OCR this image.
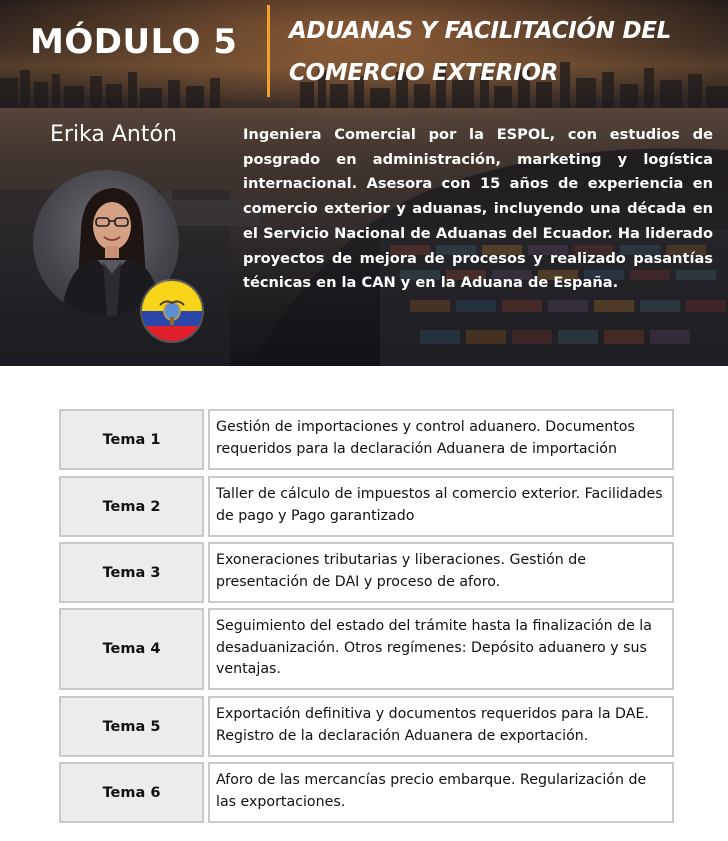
MÓDULO 5 ADUANAS Y FACILITACIÓN DEL COMERCIO EXTERIOR
Erika Antón	Ingeniera Comercial por la ESPOL, con estudios de posgrado en administración, marketing y logística internacional. Asesora con 15 años de experiencia en comercio exterior y aduanas, incluyendo una década en el Servicio Nacional de Aduanas del Ecuador. Ha liderado proyectos de mejora de procesos y realizado pasantías técnicas en la CAN y en la Aduana de España.

Tema 1

Gestión de importaciones y control aduanero. Documentos requeridos para la declaración Aduanera de importación

Tema 2

Taller de cálculo de impuestos al comercio exterior. Facilidades de pago y Pago garantizado

Tema 3

Exoneraciones tributarias y liberaciones. Gestión de presentación de DAI y proceso de aforo.

Tema 4

Seguimiento del estado del trámite hasta la finalización de la desaduanización. Otros regímenes: Depósito aduanero y sus ventajas.

Tema 5

Exportación definitiva y documentos requeridos para la DAE. Registro de la declaración Aduanera de exportación.

Tema 6

Aforo de las mercancías precio embarque. Regularización de las exportaciones.
